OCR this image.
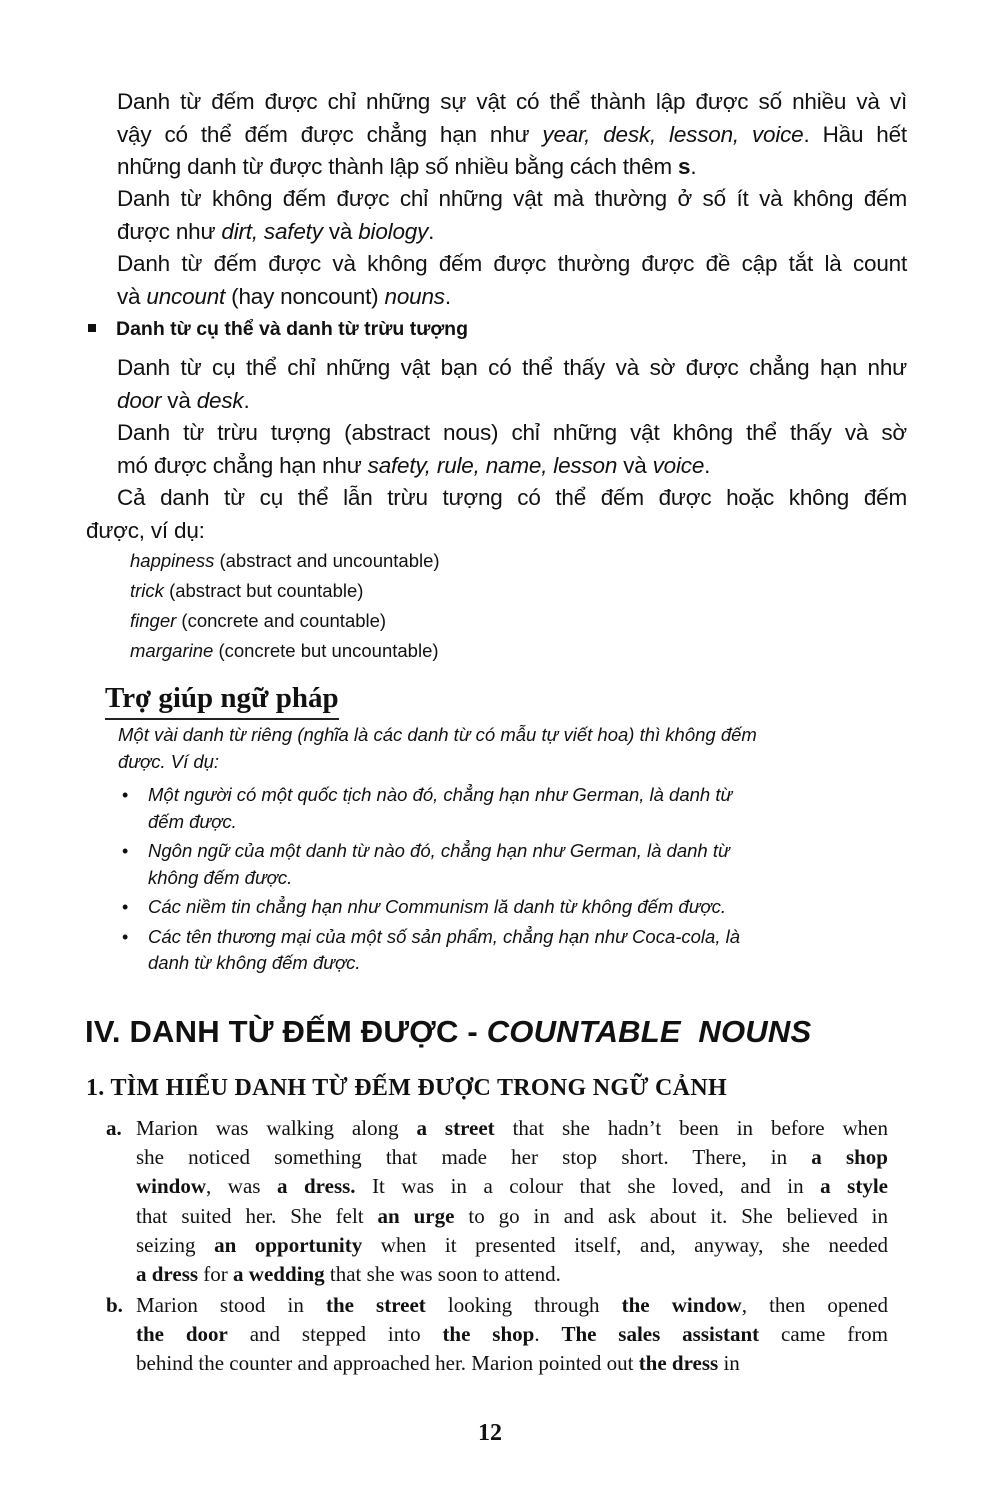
Danh từ đếm được chỉ những sự vật có thể thành lập được số nhiều và vì
vậy có thể đếm được chẳng hạn như year, desk, lesson, voice. Hầu hết
những danh từ được thành lập số nhiều bằng cách thêm s.
Danh từ không đếm được chỉ những vật mà thường ở số ít và không đếm
được như dirt, safety và biology.
Danh từ đếm được và không đếm được thường được đề cập tắt là count
và uncount (hay noncount) nouns.
Danh từ cụ thể và danh từ trừu tượng
Danh từ cụ thể chỉ những vật bạn có thể thấy và sờ được chẳng hạn như
door và desk.
Danh từ trừu tượng (abstract nous) chỉ những vật không thể thấy và sờ
mó được chẳng hạn như safety, rule, name, lesson và voice.
Cả danh từ cụ thể lẫn trừu tượng có thể đếm được hoặc không đếm
được, ví dụ:
happiness (abstract and uncountable)
trick (abstract but countable)
finger (concrete and countable)
margarine (concrete but uncountable)
Trợ giúp ngữ pháp
Một vài danh từ riêng (nghĩa là các danh từ có mẫu tự viết hoa) thì không đếm
được. Ví dụ:
• Một người có một quốc tịch nào đó, chẳng hạn như German, là danh từ
đếm được.
• Ngôn ngữ của một danh từ nào đó, chẳng hạn như German, là danh từ
không đếm được.
• Các niềm tin chẳng hạn như Communism lă danh từ không đếm được.
• Các tên thương mại của một số sản phẩm, chẳng hạn như Coca-cola, là
danh từ không đếm được.
IV. DANH TỪ ĐẾM ĐƯỢC - COUNTABLE  NOUNS
1. TÌM HIỂU DANH TỪ ĐẾM ĐƯỢC TRONG NGỮ CẢNH
a. Marion was walking along a street that she hadn’t been in before when
she noticed something that made her stop short. There, in a shop
window, was a dress. It was in a colour that she loved, and in a style
that suited her. She felt an urge to go in and ask about it. She believed in
seizing an opportunity when it presented itself, and, anyway, she needed
a dress for a wedding that she was soon to attend.
b. Marion stood in the street looking through the window, then opened
the door and stepped into the shop. The sales assistant came from
behind the counter and approached her. Marion pointed out the dress in
12
